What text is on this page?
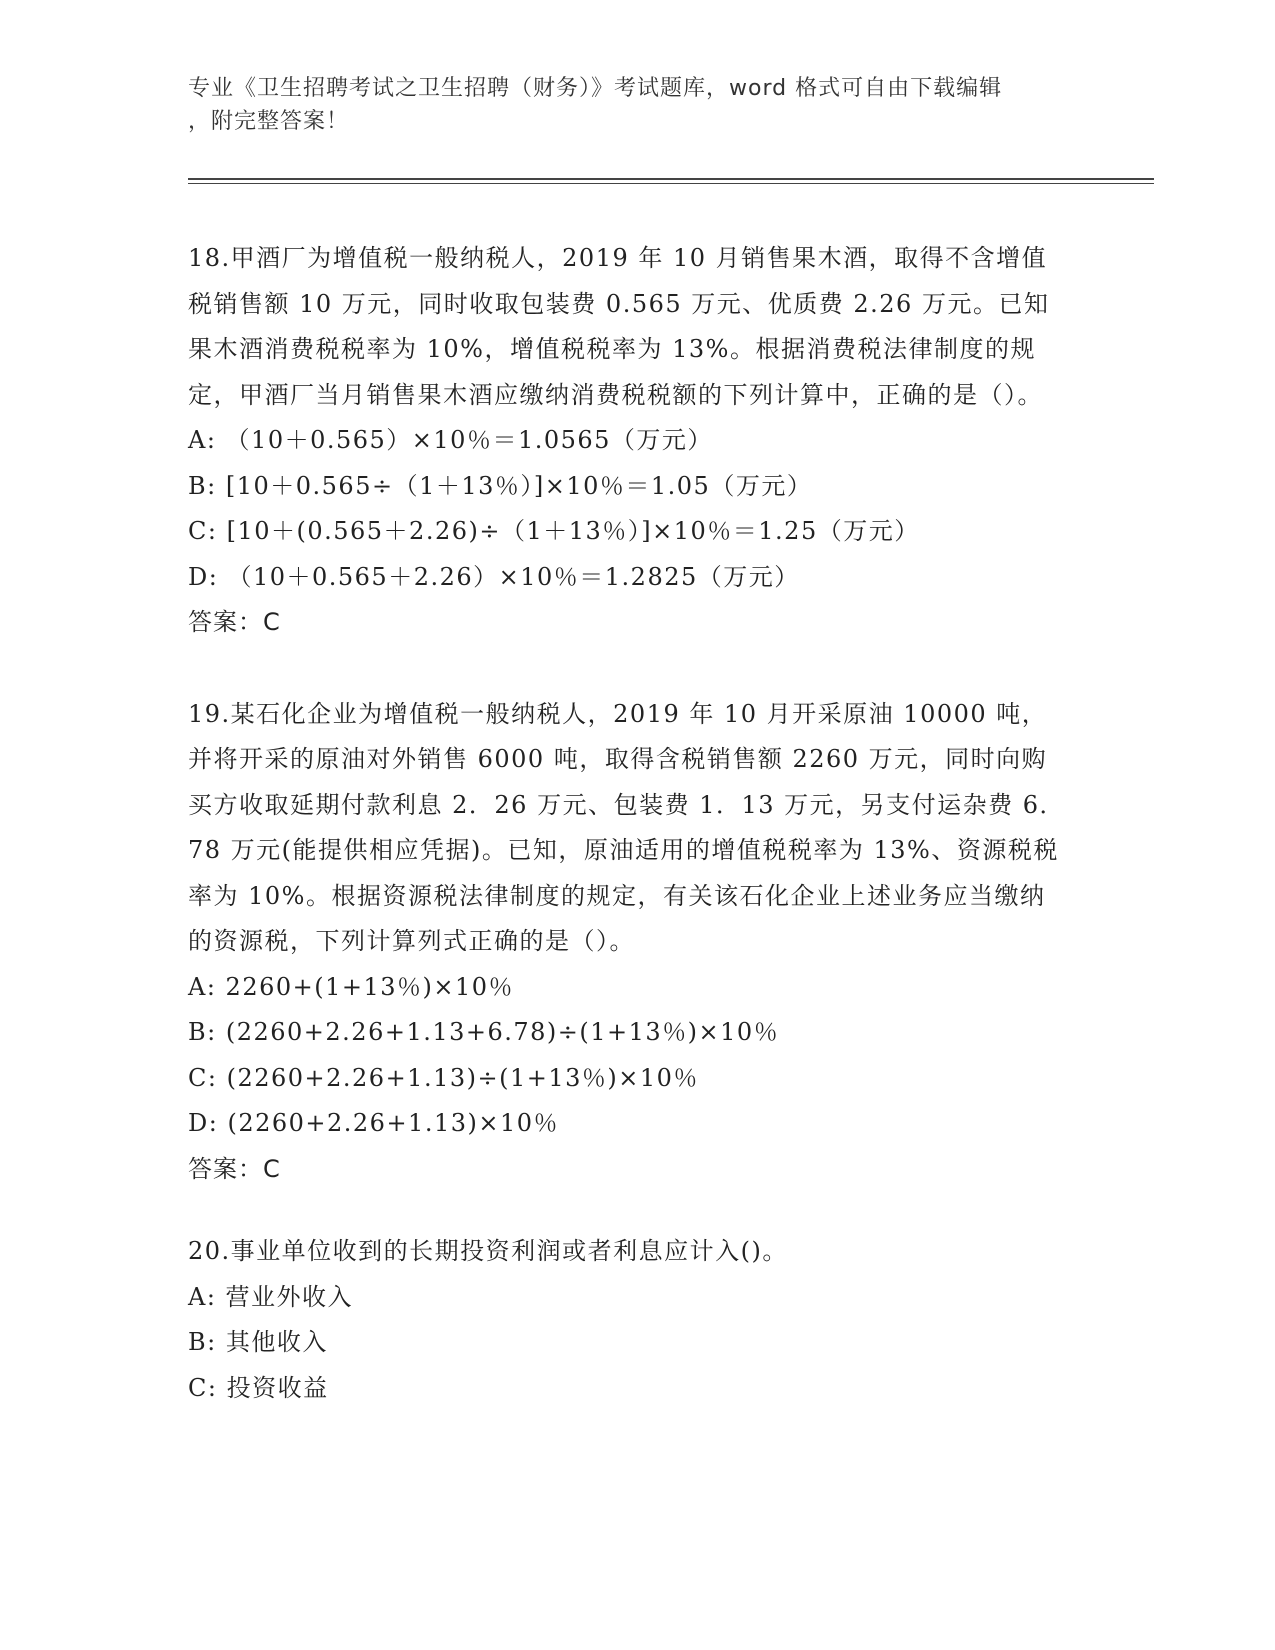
专业《卫生招聘考试之卫生招聘（财务）》考试题库，word 格式可自由下载编辑
，附完整答案！

18.甲酒厂为增值税一般纳税人，2019 年 10 月销售果木酒，取得不含增值税销售额 10 万元，同时收取包装费 0.565 万元、优质费 2.26 万元。已知果木酒消费税税率为 10%，增值税税率为 13%。根据消费税法律制度的规定，甲酒厂当月销售果木酒应缴纳消费税税额的下列计算中，正确的是（）。

A: （10＋0.565）×10％＝1.0565（万元）
B: [10＋0.565÷（1＋13％）]×10％＝1.05（万元）
C: [10＋(0.565＋2.26)÷（1＋13％）]×10％＝1.25（万元）
D: （10＋0.565＋2.26）×10％＝1.2825（万元）

答案：C

19.某石化企业为增值税一般纳税人，2019 年 10 月开采原油 10000 吨，并将开采的原油对外销售 6000 吨，取得含税销售额 2260 万元，同时向购买方收取延期付款利息 2．26 万元、包装费 1．13 万元，另支付运杂费 6．78 万元(能提供相应凭据)。已知，原油适用的增值税税率为 13%、资源税税率为 10%。根据资源税法律制度的规定，有关该石化企业上述业务应当缴纳的资源税，下列计算列式正确的是（）。

A: 2260+(1+13％)×10％
B: (2260+2.26+1.13+6.78)÷(1+13％)×10％
C: (2260+2.26+1.13)÷(1+13％)×10％
D: (2260+2.26+1.13)×10％

答案：C

20.事业单位收到的长期投资利润或者利息应计入()。

A: 营业外收入
B: 其他收入
C: 投资收益
